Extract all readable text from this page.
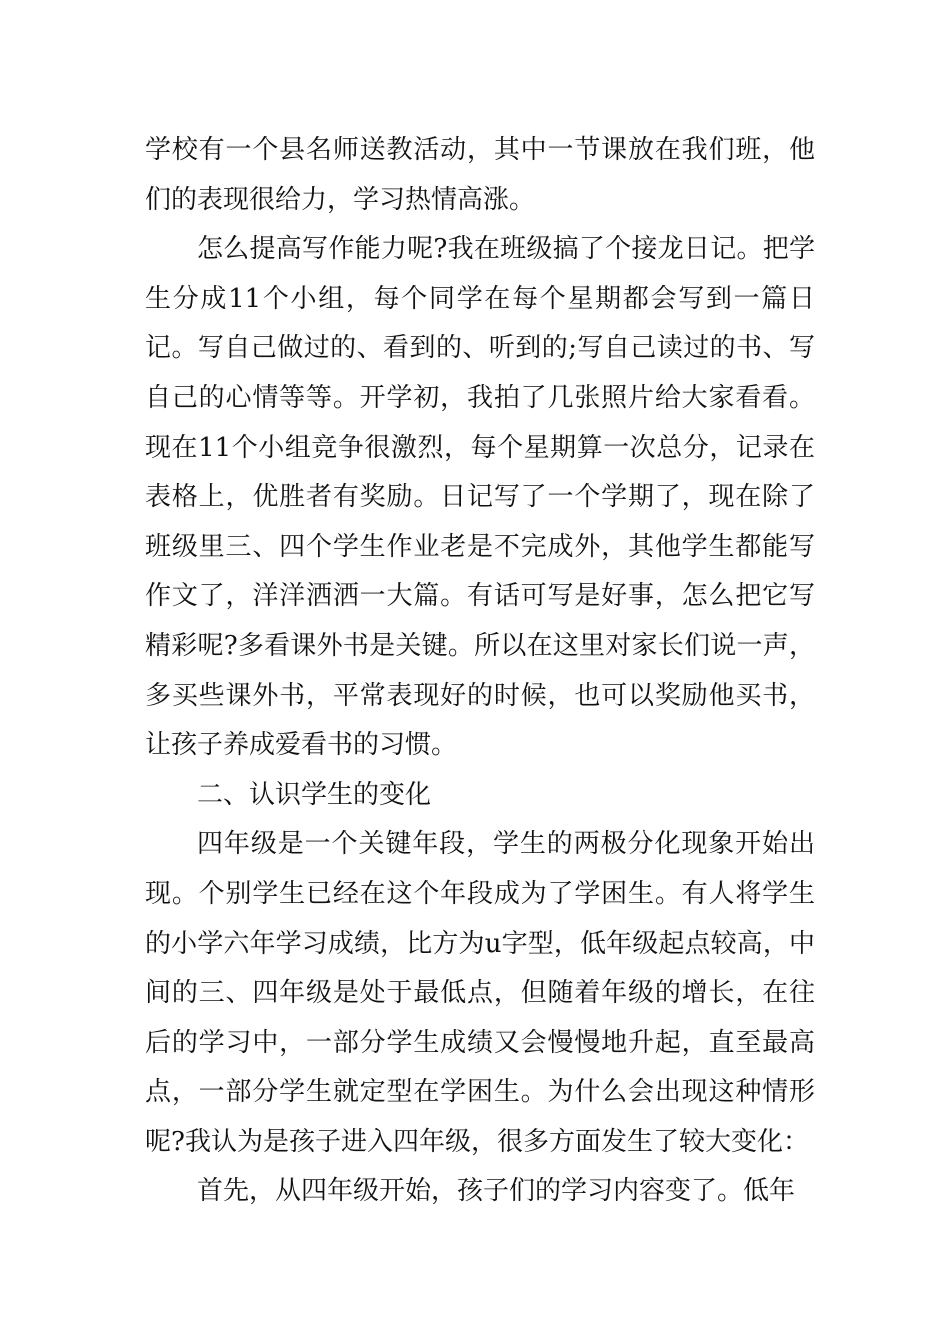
学校有一个县名师送教活动，其中一节课放在我们班，他们的表现很给力，学习热情高涨。

怎么提高写作能力呢?我在班级搞了个接龙日记。把学生分成11个小组，每个同学在每个星期都会写到一篇日记。写自己做过的、看到的、听到的;写自己读过的书、写自己的心情等等。开学初，我拍了几张照片给大家看看。现在11个小组竞争很激烈，每个星期算一次总分，记录在表格上，优胜者有奖励。日记写了一个学期了，现在除了班级里三、四个学生作业老是不完成外，其他学生都能写作文了，洋洋洒洒一大篇。有话可写是好事，怎么把它写精彩呢?多看课外书是关键。所以在这里对家长们说一声，多买些课外书，平常表现好的时候，也可以奖励他买书，让孩子养成爱看书的习惯。

二、认识学生的变化

四年级是一个关键年段，学生的两极分化现象开始出现。个别学生已经在这个年段成为了学困生。有人将学生的小学六年学习成绩，比方为u字型，低年级起点较高，中间的三、四年级是处于最低点，但随着年级的增长，在往后的学习中，一部分学生成绩又会慢慢地升起，直至最高点，一部分学生就定型在学困生。为什么会出现这种情形呢?我认为是孩子进入四年级，很多方面发生了较大变化：

首先，从四年级开始，孩子们的学习内容变了。低年
